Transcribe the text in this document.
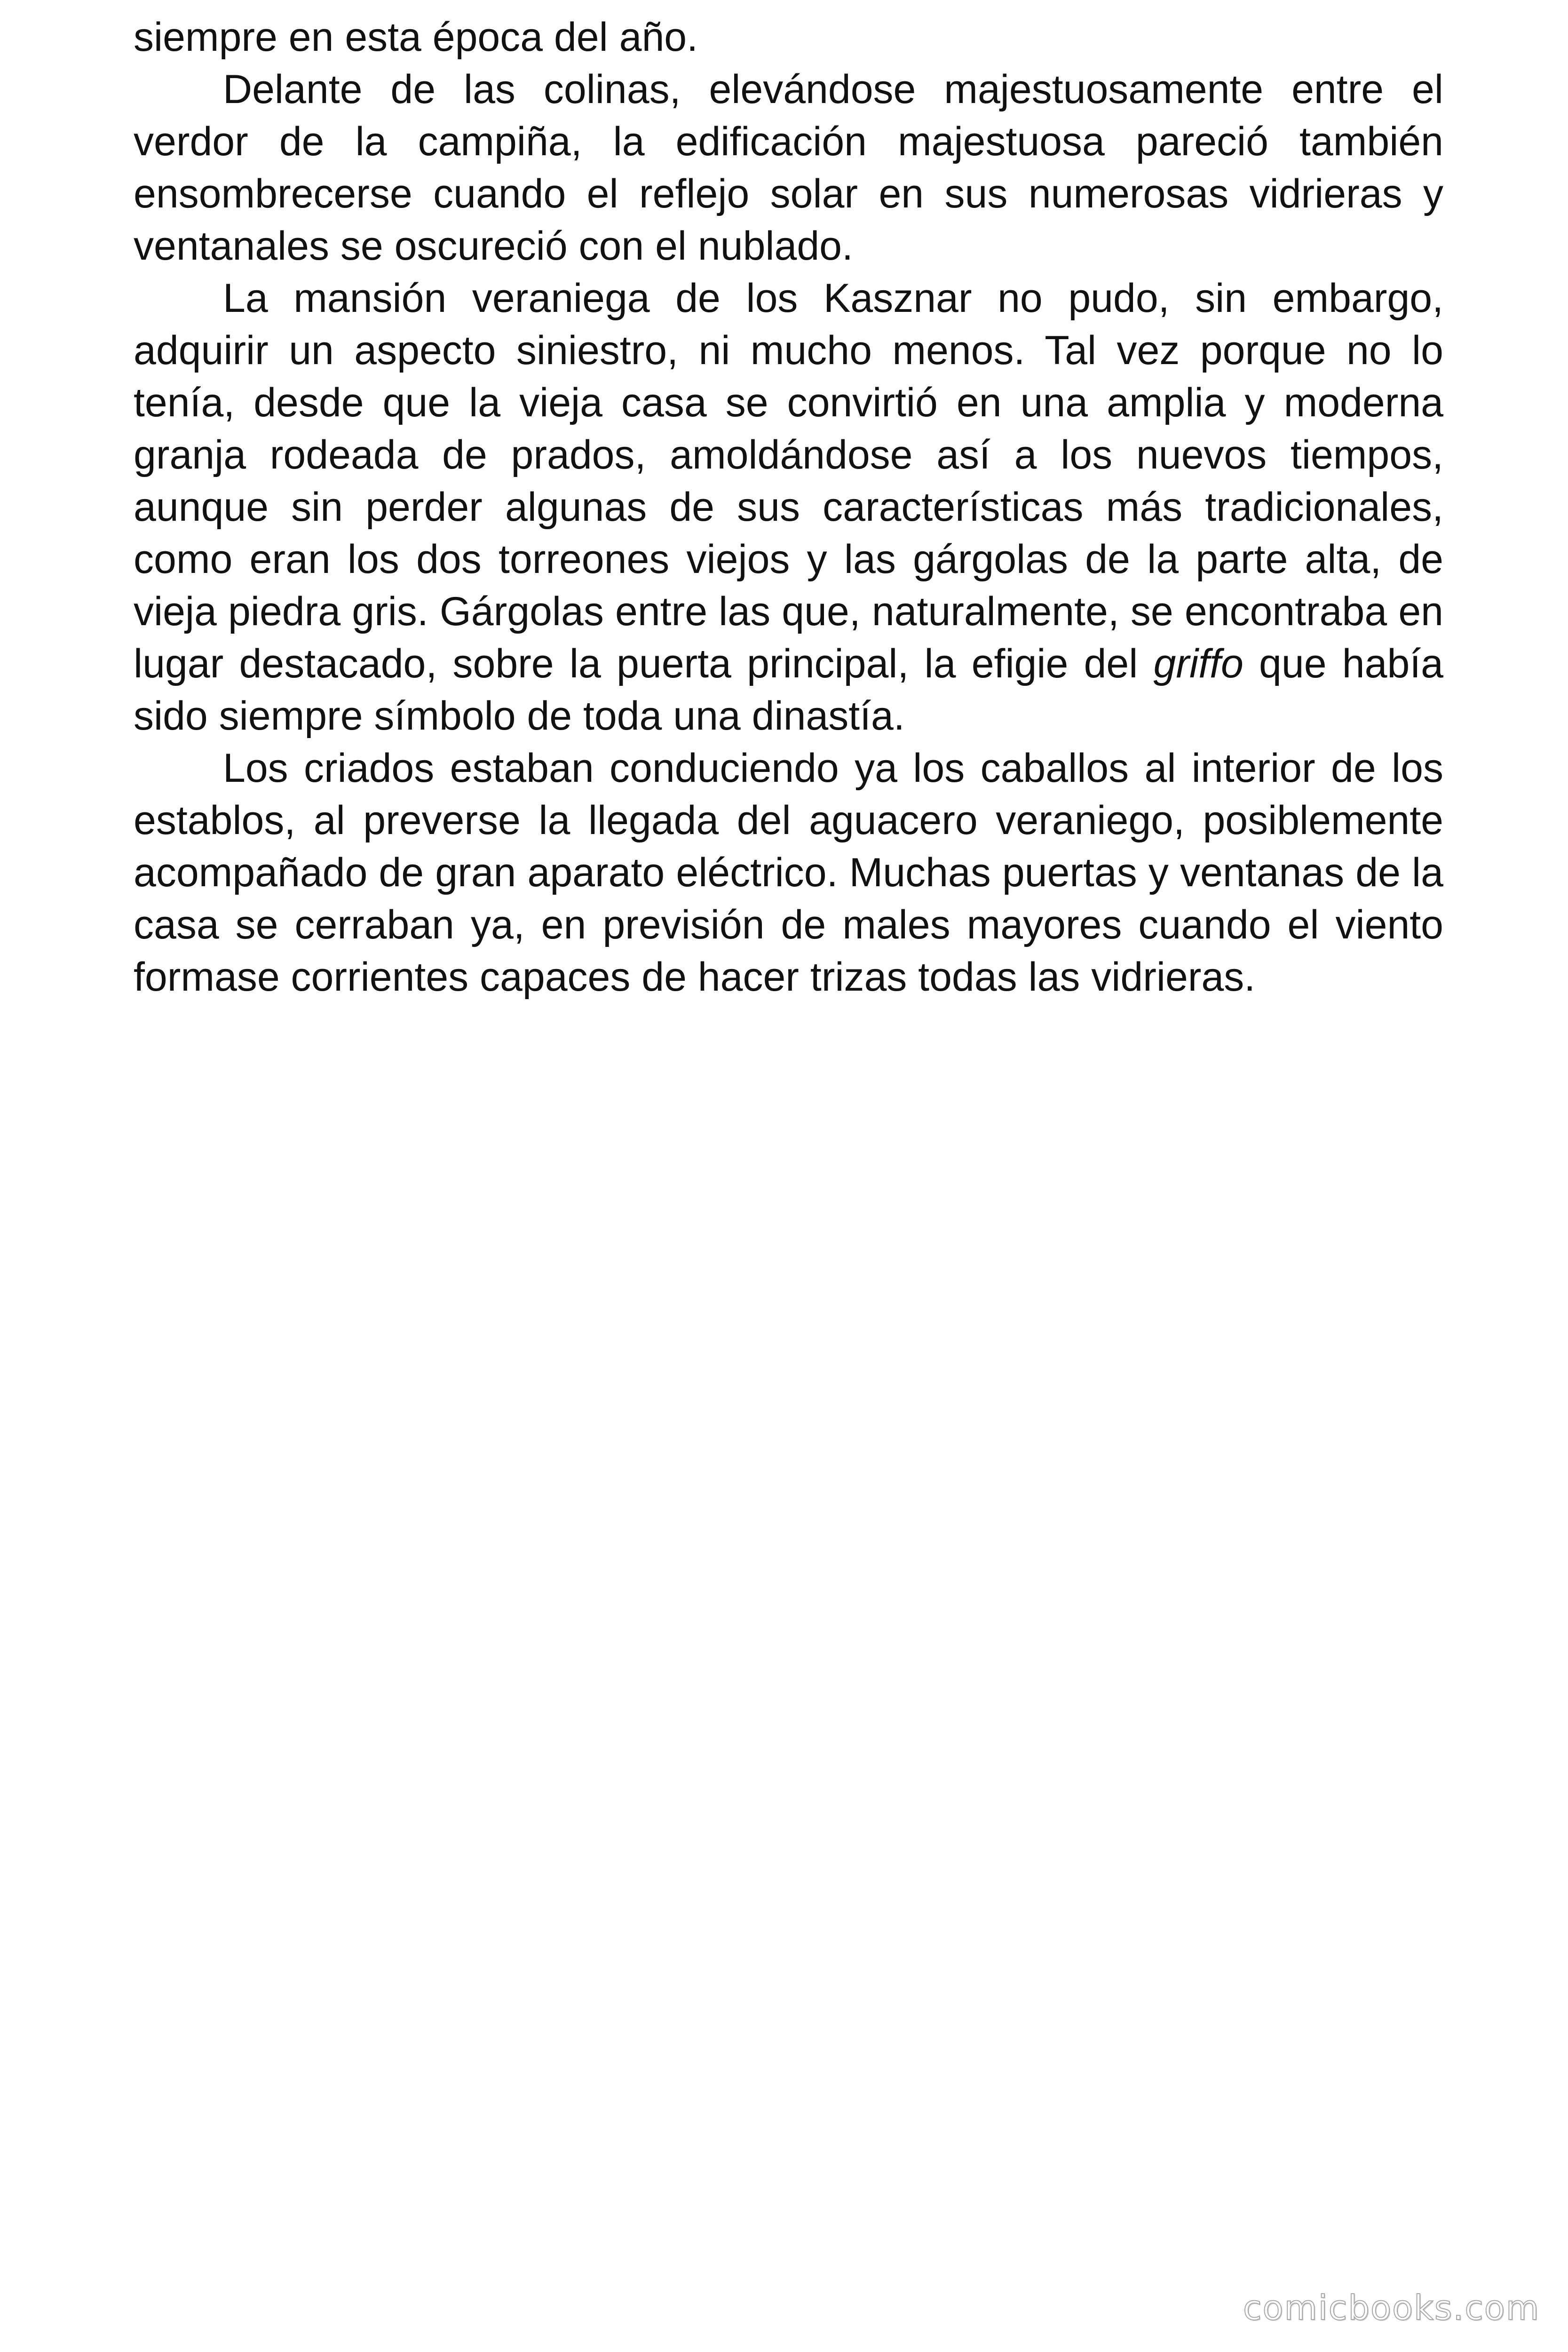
siempre en esta época del año.

Delante de las colinas, elevándose majestuosamente entre el verdor de la campiña, la edificación majestuosa pareció también ensombrecerse cuando el reflejo solar en sus numerosas vidrieras y ventanales se oscureció con el nublado.

La mansión veraniega de los Kasznar no pudo, sin embargo, adquirir un aspecto siniestro, ni mucho menos. Tal vez porque no lo tenía, desde que la vieja casa se convirtió en una amplia y moderna granja rodeada de prados, amoldándose así a los nuevos tiempos, aunque sin perder algunas de sus características más tradicionales, como eran los dos torreones viejos y las gárgolas de la parte alta, de vieja piedra gris. Gárgolas entre las que, naturalmente, se encontraba en lugar destacado, sobre la puerta principal, la efigie del griffo que había sido siempre símbolo de toda una dinastía.

Los criados estaban conduciendo ya los caballos al interior de los establos, al preverse la llegada del aguacero veraniego, posiblemente acompañado de gran aparato eléctrico. Muchas puertas y ventanas de la casa se cerraban ya, en previsión de males mayores cuando el viento formase corrientes capaces de hacer trizas todas las vidrieras.

comicbooks.com
